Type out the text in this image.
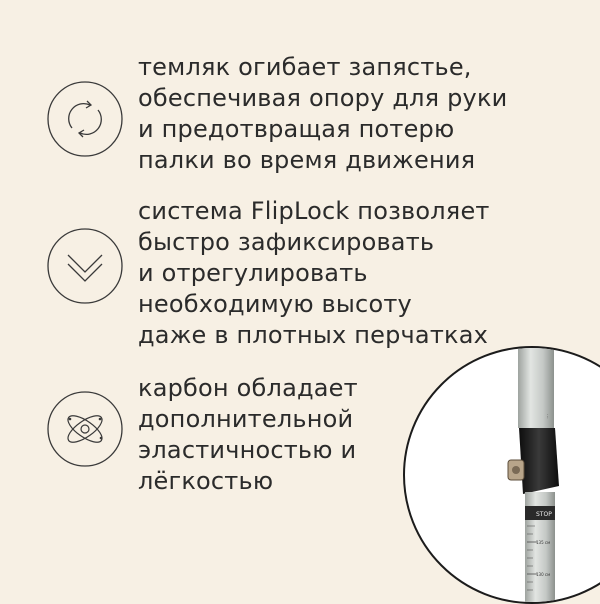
темляк огибает запястье,
обеспечивая опору для руки
и предотвращая потерю
палки во время движения
система FlipLock позволяет
быстро зафиксировать
и отрегулировать
необходимую высоту
даже в плотных перчатках
карбон обладает
дополнительной
эластичностью и
лёгкостью
···
STOP
135 см
130 см
